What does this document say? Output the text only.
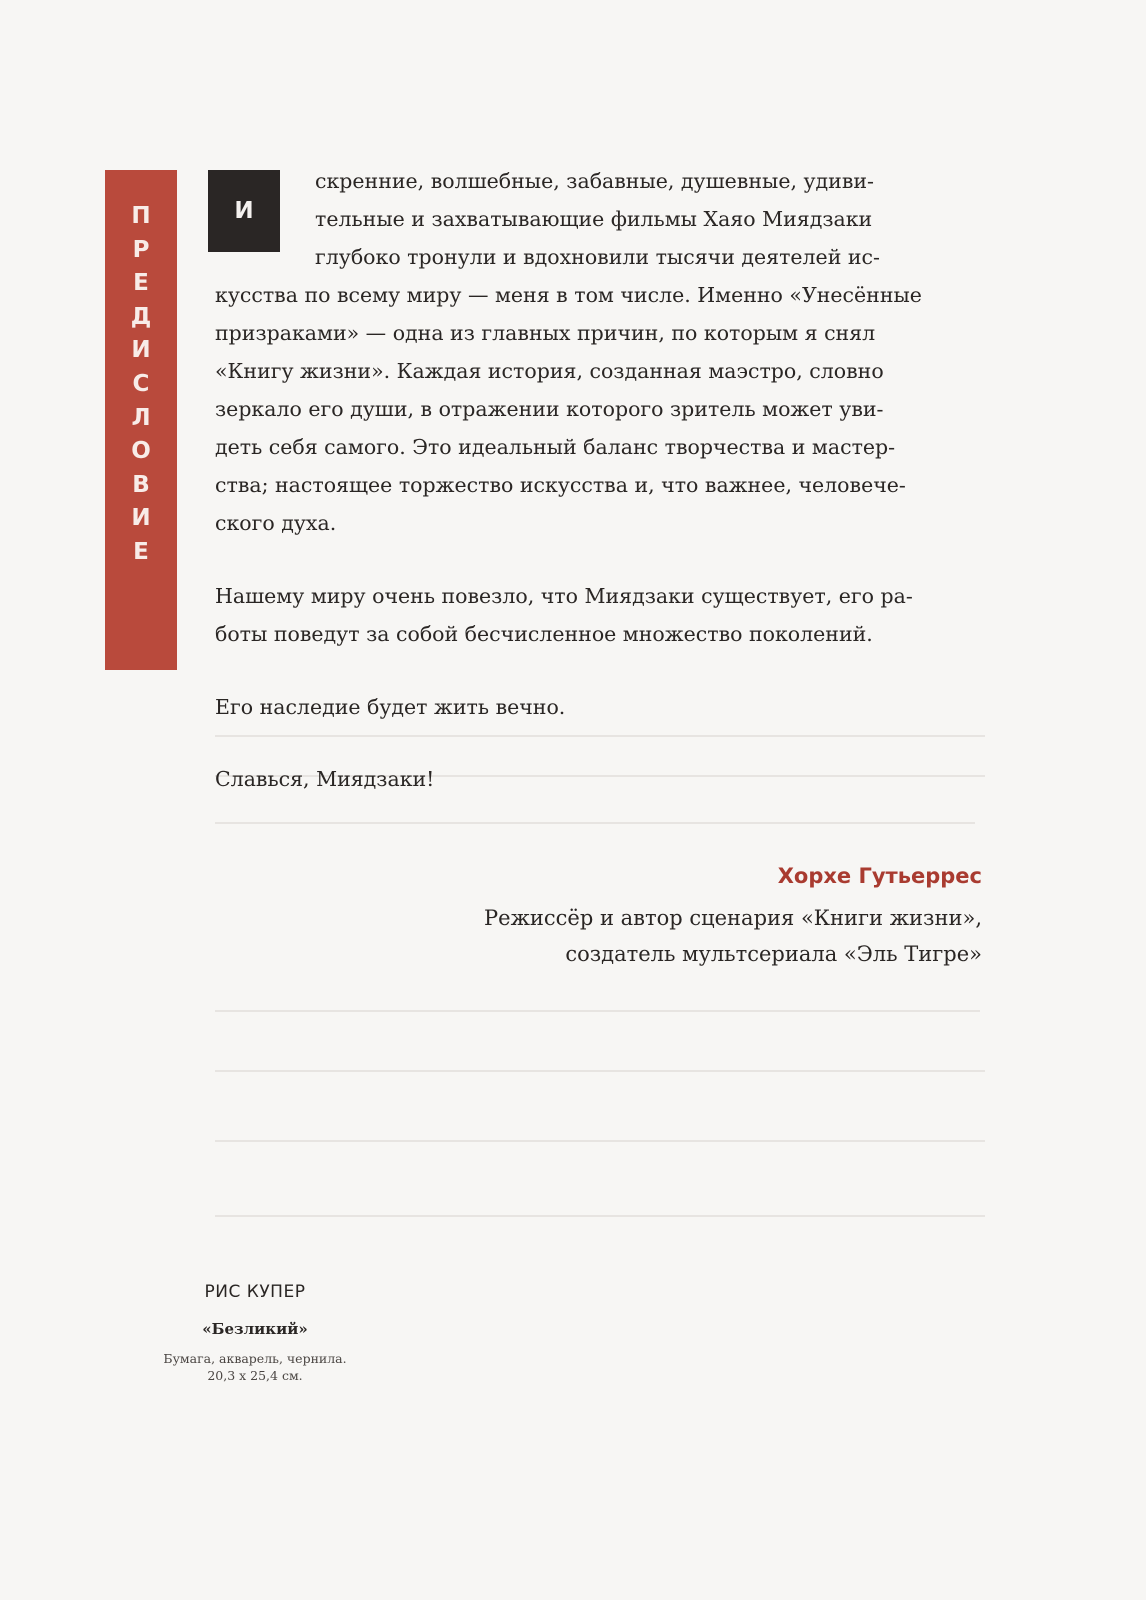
П
Р
Е
Д
И
С
Л
О
В
И
Е
И
скренние, волшебные, забавные, душевные, удиви-
тельные и захватывающие фильмы Хаяо Миядзаки
глубоко тронули и вдохновили тысячи деятелей ис-
кусства по всему миру — меня в том числе. Именно «Унесённые
призраками» — одна из главных причин, по которым я снял
«Книгу жизни». Каждая история, созданная маэстро, словно
зеркало его души, в отражении которого зритель может уви-
деть себя самого. Это идеальный баланс творчества и мастер-
ства; настоящее торжество искусства и, что важнее, человече-
ского духа.
Нашему миру очень повезло, что Миядзаки существует, его ра-
боты поведут за собой бесчисленное множество поколений.
Его наследие будет жить вечно.
Славься, Миядзаки!
Хорхе Гутьеррес
Режиссёр и автор сценария «Книги жизни»,
создатель мультсериала «Эль Тигре»
РИС КУПЕР
«Безликий»
Бумага, акварель, чернила.
20,3 х 25,4 см.
